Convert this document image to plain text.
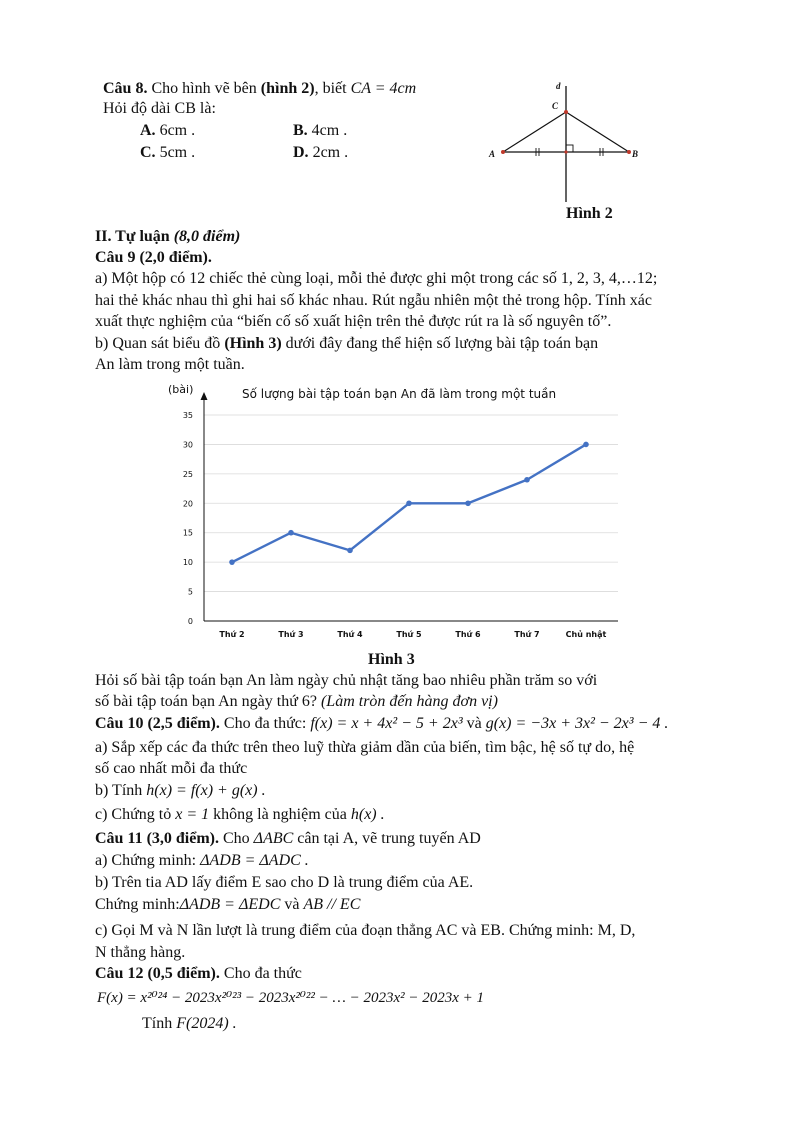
Câu 8. Cho hình vẽ bên (hình 2), biết CA = 4cm
Hỏi độ dài CB là:
A. 6cm .	B. 4cm .
C. 5cm .	D. 2cm .
d
C
A	B
Hình 2
II. Tự luận (8,0 điểm)
Câu 9 (2,0 điểm).
a) Một hộp có 12 chiếc thẻ cùng loại, mỗi thẻ được ghi một trong các số 1, 2, 3, 4,…12;
hai thẻ khác nhau thì ghi hai số khác nhau. Rút ngẫu nhiên một thẻ trong hộp. Tính xác
xuất thực nghiệm của “biến cố số xuất hiện trên thẻ được rút ra là số nguyên tố”.
b) Quan sát biểu đồ (Hình 3) dưới đây đang thể hiện số lượng bài tập toán bạn
An làm trong một tuần.
(bài)	Số lượng bài tập toán bạn An đã làm trong một tuần
0
5
10
15
20
25
30
35
Thứ 2	Thứ 3	Thứ 4	Thứ 5	Thứ 6	Thứ 7	Chủ nhật
Hình 3
Hỏi số bài tập toán bạn An làm ngày chủ nhật tăng bao nhiêu phần trăm so với
số bài tập toán bạn An ngày thứ 6? (Làm tròn đến hàng đơn vị)
Câu 10 (2,5 điểm). Cho đa thức: f(x) = x + 4x² − 5 + 2x³ và g(x) = −3x + 3x² − 2x³ − 4 .
a) Sắp xếp các đa thức trên theo luỹ thừa giảm dần của biến, tìm bậc, hệ số tự do, hệ
số cao nhất mỗi đa thức
b) Tính h(x) = f(x) + g(x) .
c) Chứng tỏ x = 1 không là nghiệm của h(x) .
Câu 11 (3,0 điểm). Cho ΔABC cân tại A, vẽ trung tuyến AD
a) Chứng minh: ΔADB = ΔADC .
b) Trên tia AD lấy điểm E sao cho D là trung điểm của AE.
Chứng minh:ΔADB = ΔEDC và AB // EC
c) Gọi M và N lần lượt là trung điểm của đoạn thẳng AC và EB. Chứng minh: M, D,
N thẳng hàng.
Câu 12 (0,5 điểm). Cho đa thức
F(x) = x²⁰²⁴ − 2023x²⁰²³ − 2023x²⁰²² − … − 2023x² − 2023x + 1
Tính F(2024) .
